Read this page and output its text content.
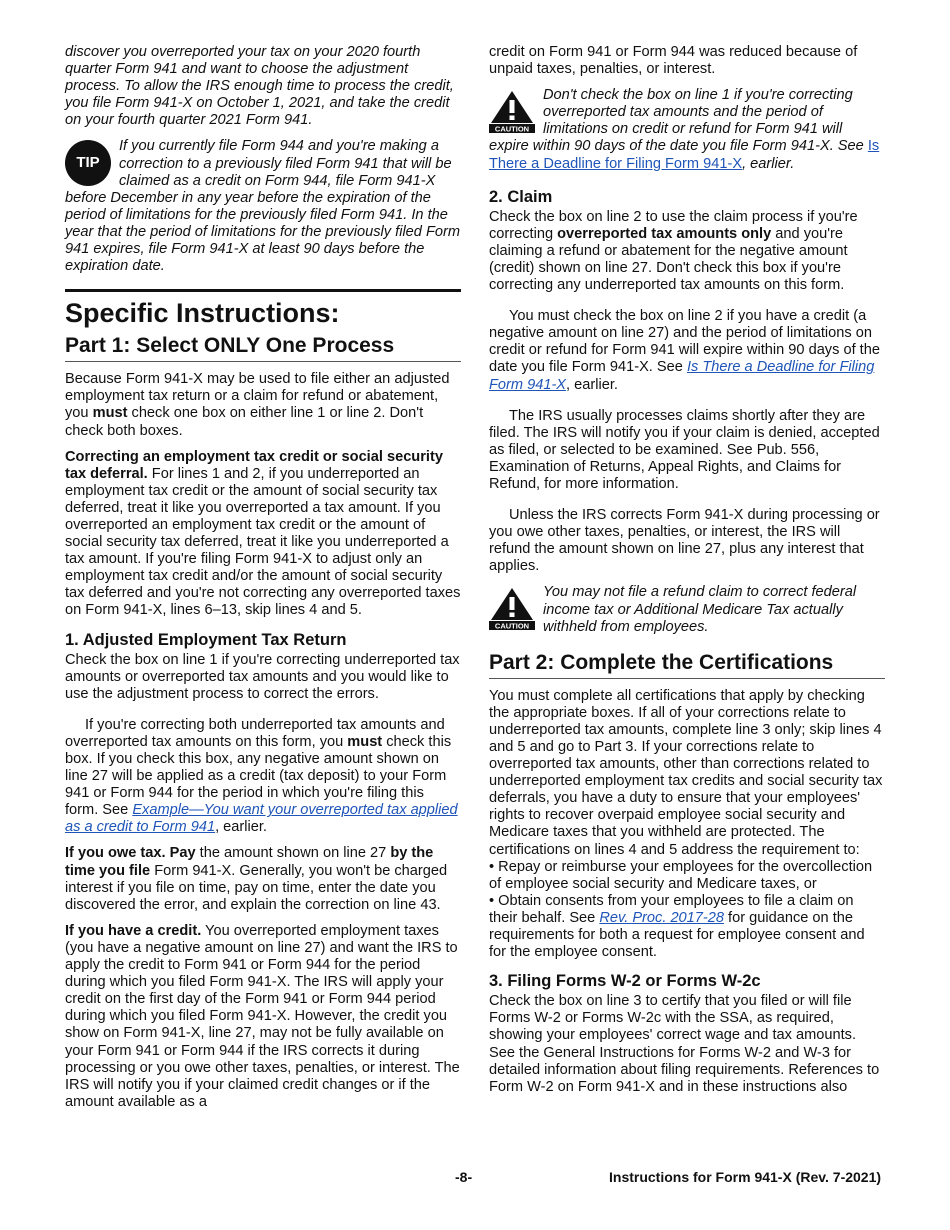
discover you overreported your tax on your 2020 fourth quarter Form 941 and want to choose the adjustment process. To allow the IRS enough time to process the credit, you file Form 941-X on October 1, 2021, and take the credit on your fourth quarter 2021 Form 941.

TIP
If you currently file Form 944 and you're making a correction to a previously filed Form 941 that will be claimed as a credit on Form 944, file Form 941-X before December in any year before the expiration of the period of limitations for the previously filed Form 941. In the year that the period of limitations for the previously filed Form 941 expires, file Form 941-X at least 90 days before the expiration date.
Specific Instructions:
Part 1: Select ONLY One Process

Because Form 941-X may be used to file either an adjusted employment tax return or a claim for refund or abatement, you must check one box on either line 1 or line 2. Don't check both boxes.

Correcting an employment tax credit or social security tax deferral. For lines 1 and 2, if you underreported an employment tax credit or the amount of social security tax deferred, treat it like you overreported a tax amount. If you overreported an employment tax credit or the amount of social security tax deferred, treat it like you underreported a tax amount. If you're filing Form 941-X to adjust only an employment tax credit and/or the amount of social security tax deferred and you're not correcting any overreported taxes on Form 941-X, lines 6–13, skip lines 4 and 5.

1. Adjusted Employment Tax Return

Check the box on line 1 if you're correcting underreported tax amounts or overreported tax amounts and you would like to use the adjustment process to correct the errors.

If you're correcting both underreported tax amounts and overreported tax amounts on this form, you must check this box. If you check this box, any negative amount shown on line 27 will be applied as a credit (tax deposit) to your Form 941 or Form 944 for the period in which you're filing this form. See Example—You want your overreported tax applied as a credit to Form 941, earlier.

If you owe tax. Pay the amount shown on line 27 by the time you file Form 941-X. Generally, you won't be charged interest if you file on time, pay on time, enter the date you discovered the error, and explain the correction on line 43.

If you have a credit. You overreported employment taxes (you have a negative amount on line 27) and want the IRS to apply the credit to Form 941 or Form 944 for the period during which you filed Form 941-X. The IRS will apply your credit on the first day of the Form 941 or Form 944 period during which you filed Form 941-X. However, the credit you show on Form 941-X, line 27, may not be fully available on your Form 941 or Form 944 if the IRS corrects it during processing or you owe other taxes, penalties, or interest. The IRS will notify you if your claimed credit changes or if the amount available as a

credit on Form 941 or Form 944 was reduced because of unpaid taxes, penalties, or interest.

CAUTION
Don't check the box on line 1 if you're correcting overreported tax amounts and the period of limitations on credit or refund for Form 941 will expire within 90 days of the date you file Form 941-X. See Is There a Deadline for Filing Form 941-X, earlier.
2. Claim

Check the box on line 2 to use the claim process if you're correcting overreported tax amounts only and you're claiming a refund or abatement for the negative amount (credit) shown on line 27. Don't check this box if you're correcting any underreported tax amounts on this form.

You must check the box on line 2 if you have a credit (a negative amount on line 27) and the period of limitations on credit or refund for Form 941 will expire within 90 days of the date you file Form 941-X. See Is There a Deadline for Filing Form 941-X, earlier.

The IRS usually processes claims shortly after they are filed. The IRS will notify you if your claim is denied, accepted as filed, or selected to be examined. See Pub. 556, Examination of Returns, Appeal Rights, and Claims for Refund, for more information.

Unless the IRS corrects Form 941-X during processing or you owe other taxes, penalties, or interest, the IRS will refund the amount shown on line 27, plus any interest that applies.

CAUTION
You may not file a refund claim to correct federal income tax or Additional Medicare Tax actually withheld from employees.
Part 2: Complete the Certifications

You must complete all certifications that apply by checking the appropriate boxes. If all of your corrections relate to underreported tax amounts, complete line 3 only; skip lines 4 and 5 and go to Part 3. If your corrections relate to overreported tax amounts, other than corrections related to underreported employment tax credits and social security tax deferrals, you have a duty to ensure that your employees' rights to recover overpaid employee social security and Medicare taxes that you withheld are protected. The certifications on lines 4 and 5 address the requirement to:

• Repay or reimburse your employees for the overcollection of employee social security and Medicare taxes, or
• Obtain consents from your employees to file a claim on their behalf. See Rev. Proc. 2017-28 for guidance on the requirements for both a request for employee consent and for the employee consent.
3. Filing Forms W-2 or Forms W-2c

Check the box on line 3 to certify that you filed or will file Forms W-2 or Forms W-2c with the SSA, as required, showing your employees' correct wage and tax amounts. See the General Instructions for Forms W-2 and W-3 for detailed information about filing requirements. References to Form W-2 on Form 941-X and in these instructions also

-8-	Instructions for Form 941-X (Rev. 7-2021)
